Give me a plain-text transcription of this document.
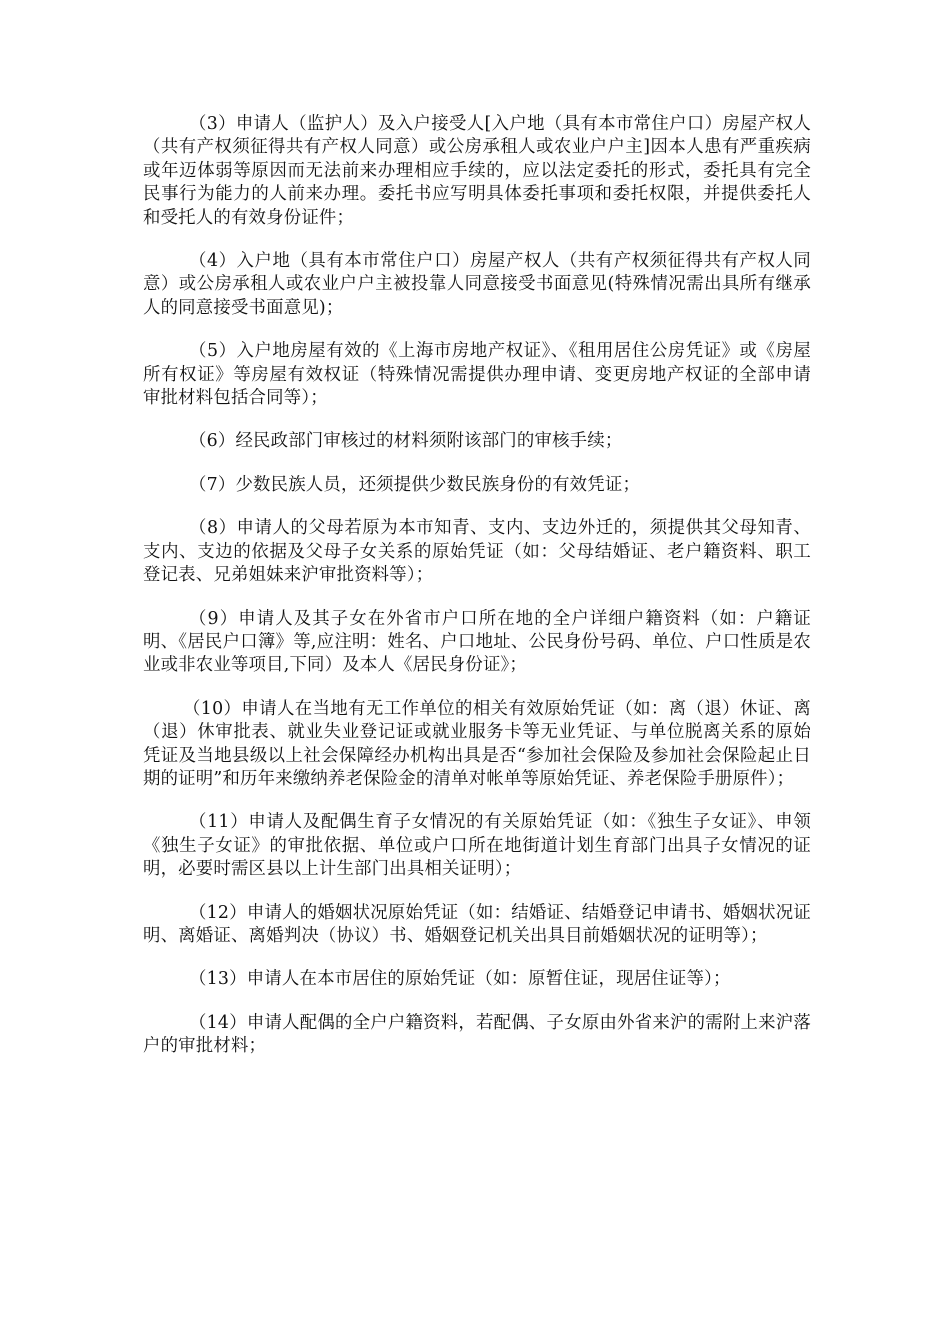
（3）申请人（监护人）及入户接受人[入户地（具有本市常住户口）房屋产权人（共有产权须征得共有产权人同意）或公房承租人或农业户户主]因本人患有严重疾病或年迈体弱等原因而无法前来办理相应手续的，应以法定委托的形式，委托具有完全民事行为能力的人前来办理。委托书应写明具体委托事项和委托权限，并提供委托人和受托人的有效身份证件；

（4）入户地（具有本市常住户口）房屋产权人（共有产权须征得共有产权人同意）或公房承租人或农业户户主被投靠人同意接受书面意见(特殊情况需出具所有继承人的同意接受书面意见)；

（5）入户地房屋有效的《上海市房地产权证》、《租用居住公房凭证》或《房屋所有权证》等房屋有效权证（特殊情况需提供办理申请、变更房地产权证的全部申请审批材料包括合同等）；

（6）经民政部门审核过的材料须附该部门的审核手续；

（7）少数民族人员，还须提供少数民族身份的有效凭证；

（8）申请人的父母若原为本市知青、支内、支边外迁的，须提供其父母知青、支内、支边的依据及父母子女关系的原始凭证（如：父母结婚证、老户籍资料、职工登记表、兄弟姐妹来沪审批资料等）；

（9）申请人及其子女在外省市户口所在地的全户详细户籍资料（如：户籍证明、《居民户口簿》等,应注明：姓名、户口地址、公民身份号码、单位、户口性质是农业或非农业等项目,下同）及本人《居民身份证》；

（10）申请人在当地有无工作单位的相关有效原始凭证（如：离（退）休证、离（退）休审批表、就业失业登记证或就业服务卡等无业凭证、与单位脱离关系的原始凭证及当地县级以上社会保障经办机构出具是否“参加社会保险及参加社会保险起止日期的证明”和历年来缴纳养老保险金的清单对帐单等原始凭证、养老保险手册原件）；

（11）申请人及配偶生育子女情况的有关原始凭证（如：《独生子女证》、申领《独生子女证》的审批依据、单位或户口所在地街道计划生育部门出具子女情况的证明，必要时需区县以上计生部门出具相关证明）；

（12）申请人的婚姻状况原始凭证（如：结婚证、结婚登记申请书、婚姻状况证明、离婚证、离婚判决（协议）书、婚姻登记机关出具目前婚姻状况的证明等）；

（13）申请人在本市居住的原始凭证（如：原暂住证，现居住证等）；

（14）申请人配偶的全户户籍资料，若配偶、子女原由外省来沪的需附上来沪落户的审批材料；
